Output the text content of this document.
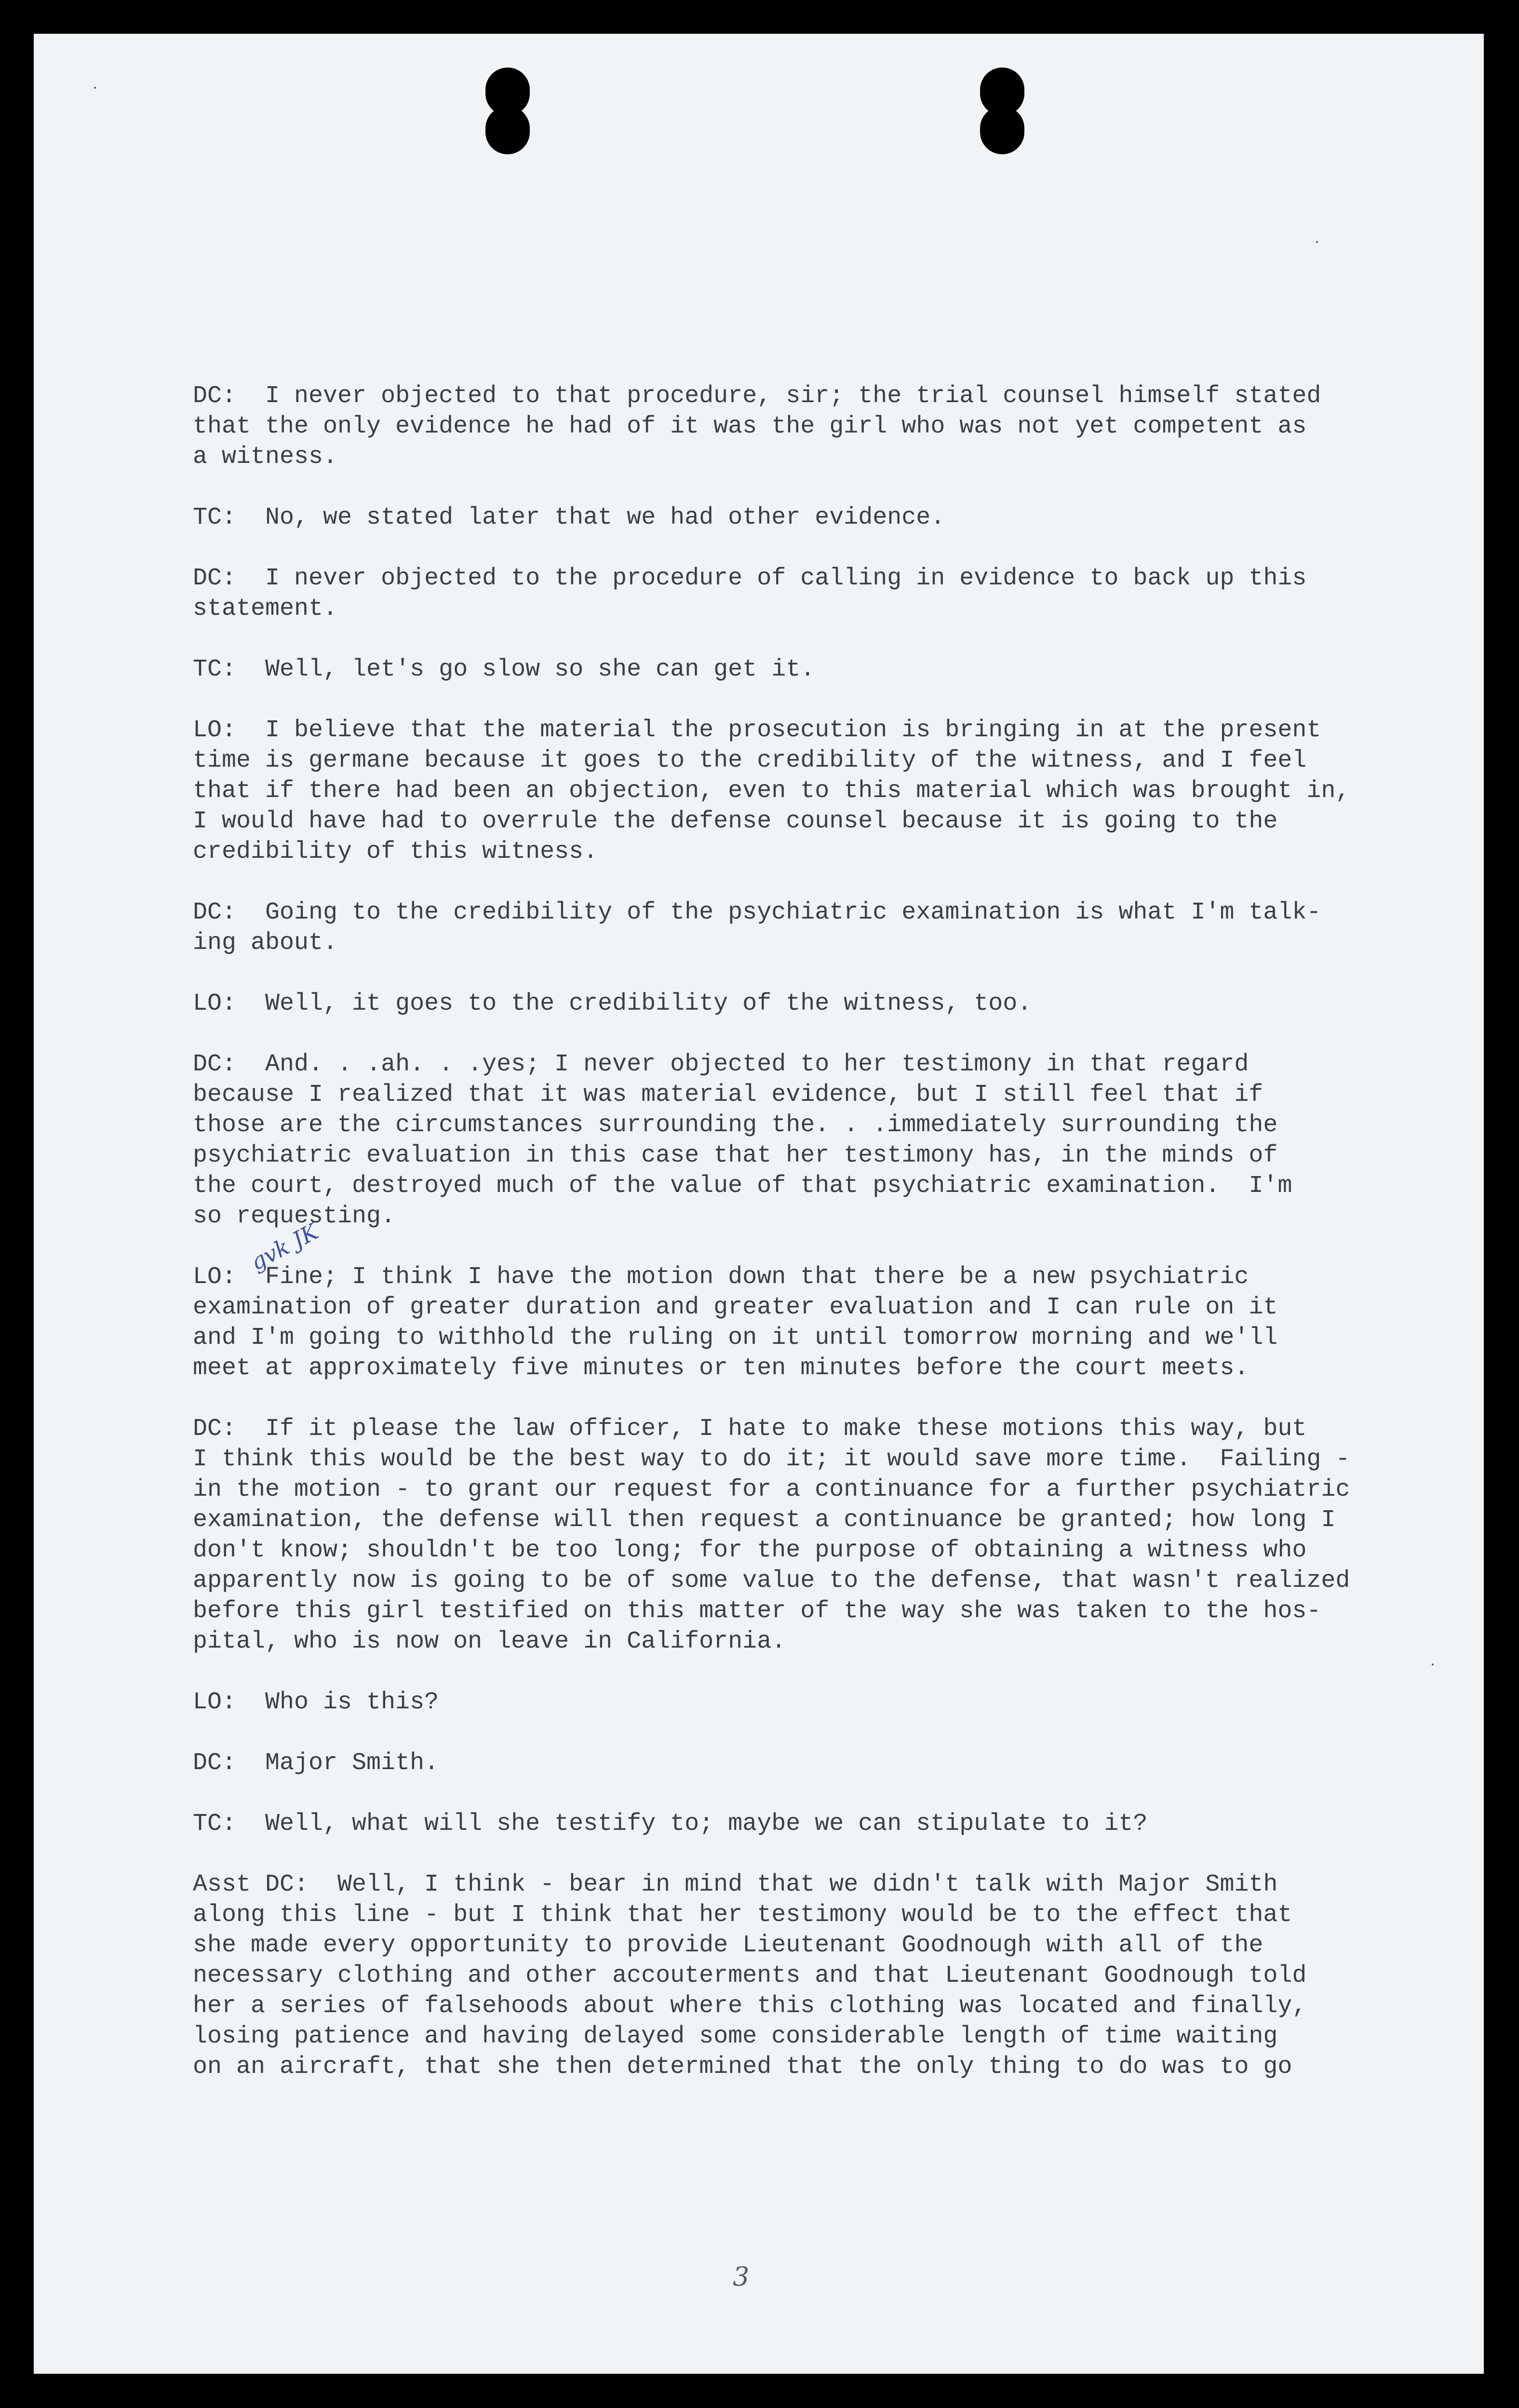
DC:  I never objected to that procedure, sir; the trial counsel himself stated
that the only evidence he had of it was the girl who was not yet competent as
a witness.
TC:  No, we stated later that we had other evidence.
DC:  I never objected to the procedure of calling in evidence to back up this
statement.
TC:  Well, let's go slow so she can get it.
LO:  I believe that the material the prosecution is bringing in at the present
time is germane because it goes to the credibility of the witness, and I feel
that if there had been an objection, even to this material which was brought in,
I would have had to overrule the defense counsel because it is going to the
credibility of this witness.
DC:  Going to the credibility of the psychiatric examination is what I'm talk-
ing about.
LO:  Well, it goes to the credibility of the witness, too.
DC:  And. . .ah. . .yes; I never objected to her testimony in that regard
because I realized that it was material evidence, but I still feel that if
those are the circumstances surrounding the. . .immediately surrounding the
psychiatric evaluation in this case that her testimony has, in the minds of
the court, destroyed much of the value of that psychiatric examination.  I'm
so requesting.
LO:  Fine; I think I have the motion down that there be a new psychiatric
examination of greater duration and greater evaluation and I can rule on it
and I'm going to withhold the ruling on it until tomorrow morning and we'll
meet at approximately five minutes or ten minutes before the court meets.
DC:  If it please the law officer, I hate to make these motions this way, but
I think this would be the best way to do it; it would save more time.  Failing -
in the motion - to grant our request for a continuance for a further psychiatric
examination, the defense will then request a continuance be granted; how long I
don't know; shouldn't be too long; for the purpose of obtaining a witness who
apparently now is going to be of some value to the defense, that wasn't realized
before this girl testified on this matter of the way she was taken to the hos-
pital, who is now on leave in California.
LO:  Who is this?
DC:  Major Smith.
TC:  Well, what will she testify to; maybe we can stipulate to it?
Asst DC:  Well, I think - bear in mind that we didn't talk with Major Smith
along this line - but I think that her testimony would be to the effect that
she made every opportunity to provide Lieutenant Goodnough with all of the
necessary clothing and other accouterments and that Lieutenant Goodnough told
her a series of falsehoods about where this clothing was located and finally,
losing patience and having delayed some considerable length of time waiting
on an aircraft, that she then determined that the only thing to do was to go
gvk JK
3
